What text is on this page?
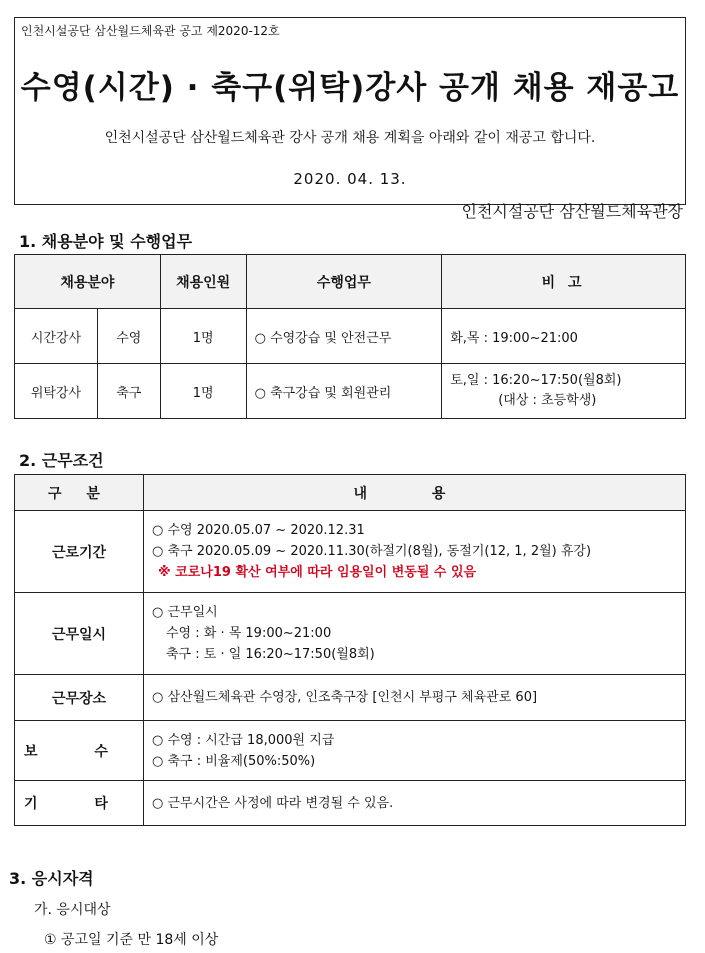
인천시설공단 삼산월드체육관 공고 제2020-12호
수영(시간) · 축구(위탁)강사 공개 채용 재공고
인천시설공단 삼산월드체육관 강사 공개 채용 계획을 아래와 같이 재공고 합니다.
2020. 04. 13.
인천시설공단 삼산월드체육관장
1. 채용분야 및 수행업무
채용분야		채용인원	수행업무	비 고
시간강사	수영	1명	○ 수영강습 및 안전근무	화,목 : 19:00~21:00
위탁강사	축구	1명	○ 축구강습 및 회원관리	토,일 : 16:20~17:50(월8회)
(대상 : 초등학생)
2. 근무조건
구 분	내 용
근로기간	○ 수영 2020.05.07 ~ 2020.12.31
○ 축구 2020.05.09 ~ 2020.11.30(하절기(8월), 동절기(12, 1, 2월) 휴강)
※ 코로나19 확산 여부에 따라 임용일이 변동될 수 있음

근무일시	○ 근무일시
수영 : 화 · 목 19:00~21:00
축구 : 토 · 일 16:20~17:50(월8회)

근무장소	○ 삼산월드체육관 수영장, 인조축구장 [인천시 부평구 체육관로 60]
보 수	○ 수영 : 시간급 18,000원 지급
○ 축구 : 비율제(50%:50%)

기 타	○ 근무시간은 사정에 따라 변경될 수 있음.
3. 응시자격
가. 응시대상
① 공고일 기준 만 18세 이상
